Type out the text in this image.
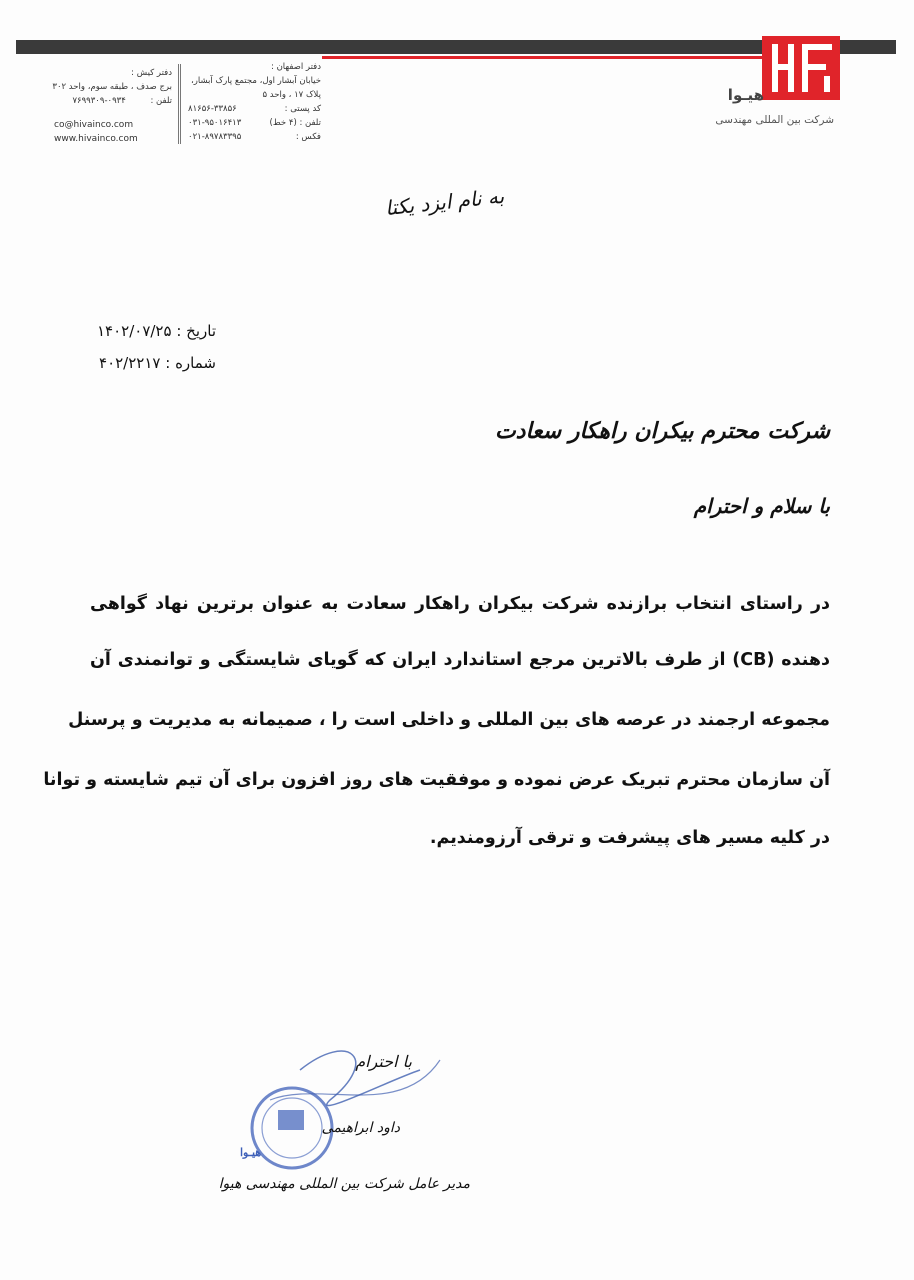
هیـوا
شرکت بین المللی مهندسی
دفتر اصفهان :
خیابان آبشار اول، مجتمع پارک آبشار،
پلاک ۱۷ ، واحد ۵
کد پستی :
تلفن : (۴ خط)
فکس :
۸۱۶۵۶-۳۳۸۵۶
۰۳۱-۹۵۰۱۶۴۱۳
۰۲۱-۸۹۷۸۳۳۹۵
دفتر کیش :
برج صدف ، طبقه سوم، واحد ۳۰۲
تلفن : ۰۹۳۴-۷۶۹۹۳۰۹
co@hivainco.com
www.hivainco.com
به نام ایزد یکتا
تاریخ : ۱۴۰۲/۰۷/۲۵
شماره : ۴۰۲/۲۲۱۷
شرکت محترم بیکران راهکار سعادت
با سلام و احترام
در راستای انتخاب برازنده شرکت بیکران راهکار سعادت به عنوان برترین نهاد گواهی
دهنده (CB) از طرف بالاترین مرجع استاندارد ایران که گویای شایستگی و توانمندی آن
مجموعه ارجمند در عرصه های بین المللی و داخلی است را ، صمیمانه به مدیریت و پرسنل
آن سازمان محترم تبریک عرض نموده و موفقیت های روز افزون برای آن تیم شایسته و توانا
در کلیه مسیر های پیشرفت و ترقی آرزومندیم.
با احترام
داود ابراهیمی
هیـوا
مدیر عامل شرکت بین المللی مهندسی هیوا
